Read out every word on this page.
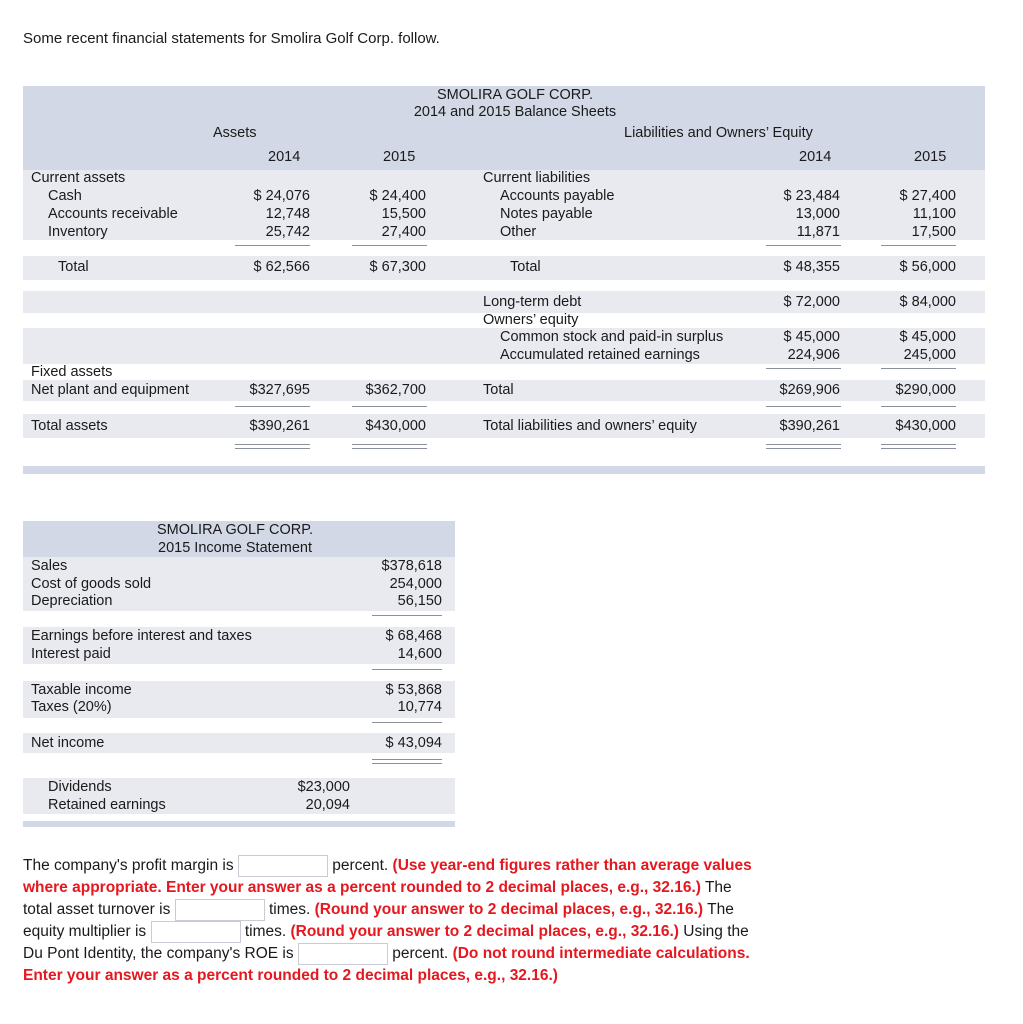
Some recent financial statements for Smolira Golf Corp. follow.
SMOLIRA GOLF CORP.
2014 and 2015 Balance Sheets
Assets	Liabilities and Owners’ Equity
2014	2015	2014	2015
Current assets
Cash	$ 24,076	$ 24,400
Accounts receivable	12,748	15,500
Inventory	25,742	27,400
Total	$ 62,566	$ 67,300
Fixed assets
Net plant and equipment	$327,695	$362,700
Total assets	$390,261	$430,000
Current liabilities
Accounts payable	$ 23,484	$ 27,400
Notes payable	13,000	11,100
Other	11,871	17,500
Total	$ 48,355	$ 56,000
Long-term debt	$ 72,000	$ 84,000
Owners’ equity
Common stock and paid-in surplus	$ 45,000	$ 45,000
Accumulated retained earnings	224,906	245,000
Total	$269,906	$290,000
Total liabilities and owners’ equity	$390,261	$430,000
SMOLIRA GOLF CORP.
2015 Income Statement
Sales	$378,618
Cost of goods sold	254,000
Depreciation	56,150
Earnings before interest and taxes	$ 68,468
Interest paid	14,600
Taxable income	$ 53,868
Taxes (20%)	10,774
Net income	$ 43,094
Dividends	$23,000
Retained earnings	20,094
The company's profit margin is	percent. (Use year-end figures rather than average values where appropriate. Enter your answer as a percent rounded to 2 decimal places, e.g., 32.16.) The total asset turnover is	times. (Round your answer to 2 decimal places, e.g., 32.16.) The equity multiplier is	times. (Round your answer to 2 decimal places, e.g., 32.16.) Using the Du Pont Identity, the company's ROE is	percent. (Do not round intermediate calculations. Enter your answer as a percent rounded to 2 decimal places, e.g., 32.16.)
